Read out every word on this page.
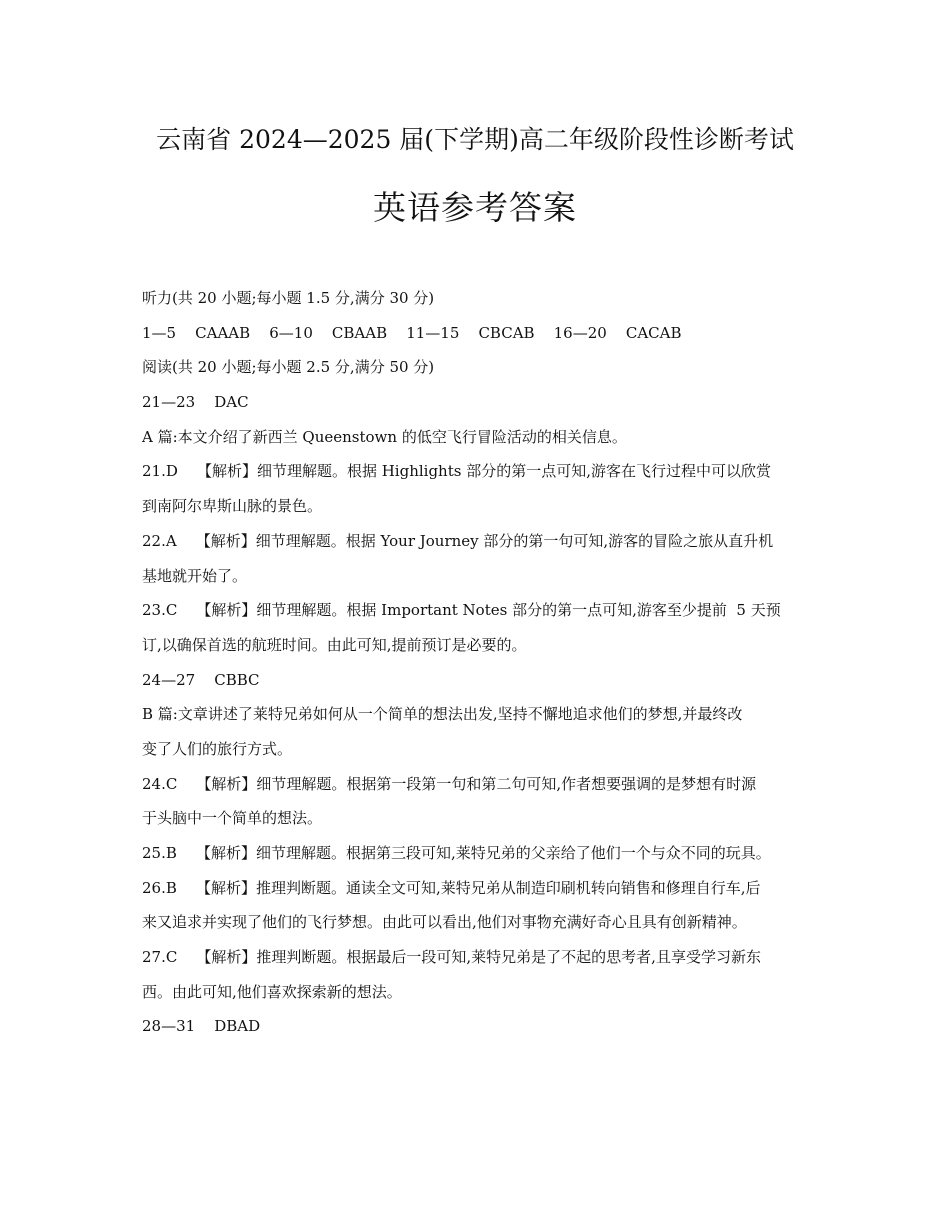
云南省 2024—2025 届(下学期)高二年级阶段性诊断考试
英语参考答案
听力(共 20 小题;每小题 1.5 分,满分 30 分)
1—5    CAAAB    6—10    CBAAB    11—15    CBCAB    16—20    CACAB
阅读(共 20 小题;每小题 2.5 分,满分 50 分)
21—23    DAC
A 篇:本文介绍了新西兰 Queenstown 的低空飞行冒险活动的相关信息。
21.D    【解析】细节理解题。根据 Highlights 部分的第一点可知,游客在飞行过程中可以欣赏
到南阿尔卑斯山脉的景色。
22.A    【解析】细节理解题。根据 Your Journey 部分的第一句可知,游客的冒险之旅从直升机
基地就开始了。
23.C    【解析】细节理解题。根据 Important Notes 部分的第一点可知,游客至少提前  5 天预
订,以确保首选的航班时间。由此可知,提前预订是必要的。
24—27    CBBC
B 篇:文章讲述了莱特兄弟如何从一个简单的想法出发,坚持不懈地追求他们的梦想,并最终改
变了人们的旅行方式。
24.C    【解析】细节理解题。根据第一段第一句和第二句可知,作者想要强调的是梦想有时源
于头脑中一个简单的想法。
25.B    【解析】细节理解题。根据第三段可知,莱特兄弟的父亲给了他们一个与众不同的玩具。
26.B    【解析】推理判断题。通读全文可知,莱特兄弟从制造印刷机转向销售和修理自行车,后
来又追求并实现了他们的飞行梦想。由此可以看出,他们对事物充满好奇心且具有创新精神。
27.C    【解析】推理判断题。根据最后一段可知,莱特兄弟是了不起的思考者,且享受学习新东
西。由此可知,他们喜欢探索新的想法。
28—31    DBAD
